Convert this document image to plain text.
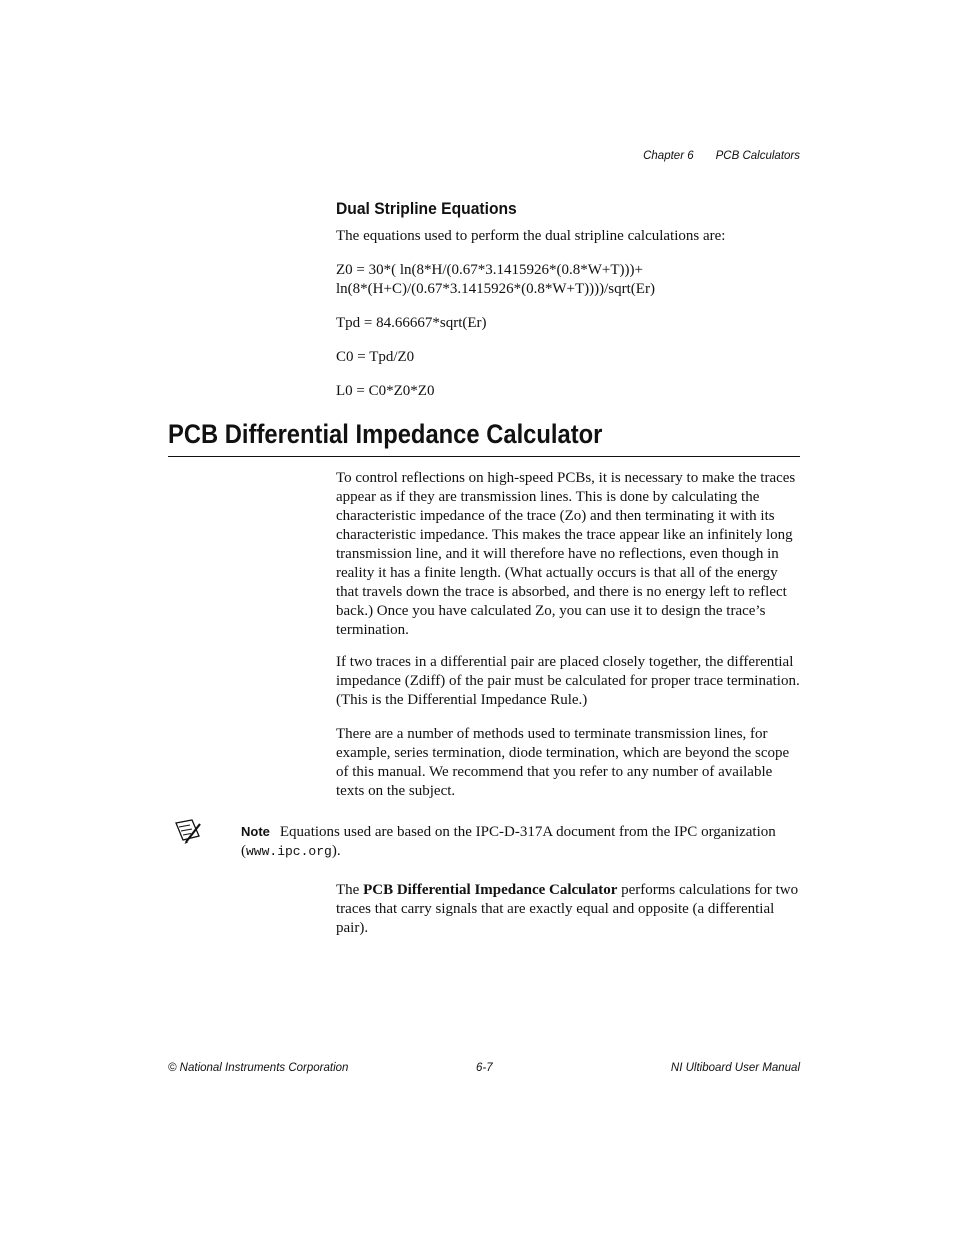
Chapter 6 PCB Calculators
Dual Stripline Equations
The equations used to perform the dual stripline calculations are:
Z0 = 30*( ln(8*H/(0.67*3.1415926*(0.8*W+T)))+
ln(8*(H+C)/(0.67*3.1415926*(0.8*W+T))))/sqrt(Er)
Tpd = 84.66667*sqrt(Er)
C0 = Tpd/Z0
L0 = C0*Z0*Z0
PCB Differential Impedance Calculator
To control reflections on high-speed PCBs, it is necessary to make the traces appear as if they are transmission lines. This is done by calculating the characteristic impedance of the trace (Zo) and then terminating it with its characteristic impedance. This makes the trace appear like an infinitely long transmission line, and it will therefore have no reflections, even though in reality it has a finite length. (What actually occurs is that all of the energy that travels down the trace is absorbed, and there is no energy left to reflect back.) Once you have calculated Zo, you can use it to design the trace’s termination.
If two traces in a differential pair are placed closely together, the differential impedance (Zdiff) of the pair must be calculated for proper trace termination. (This is the Differential Impedance Rule.)
There are a number of methods used to terminate transmission lines, for example, series termination, diode termination, which are beyond the scope of this manual. We recommend that you refer to any number of available texts on the subject.
Note Equations used are based on the IPC-D-317A document from the IPC organization
(www.ipc.org).
The PCB Differential Impedance Calculator performs calculations for two traces that carry signals that are exactly equal and opposite (a differential pair).
© National Instruments Corporation	6-7	NI Ultiboard User Manual
